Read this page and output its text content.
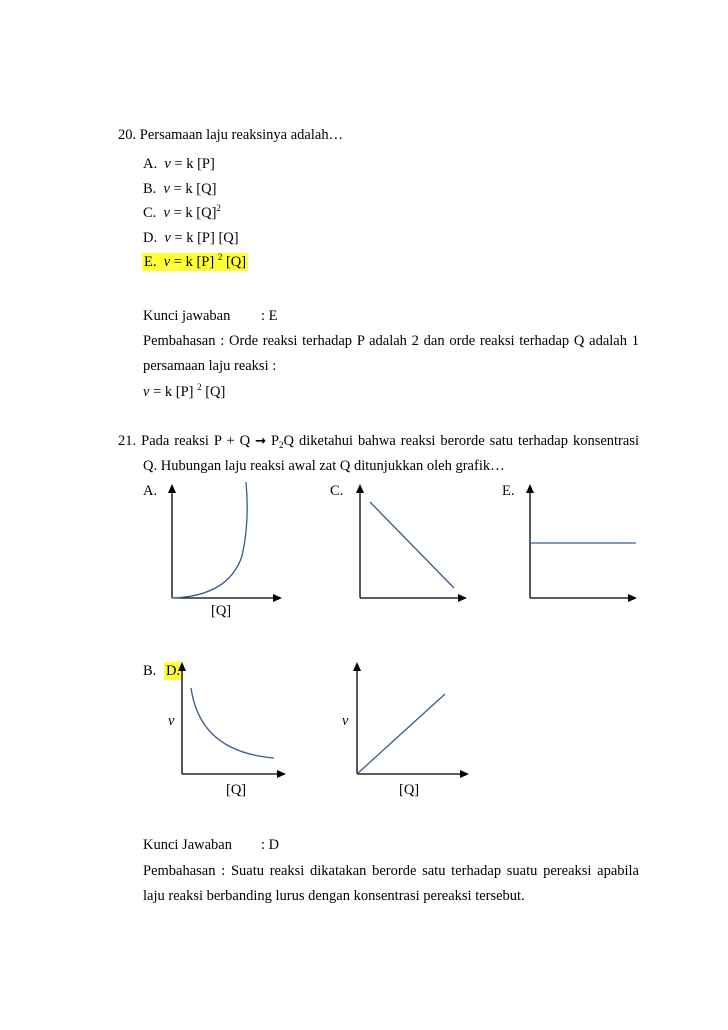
20. Persamaan laju reaksinya adalah…
A. v = k [P]
B. v = k [Q]
C. v = k $[Q]^2$
D. v = k [P] [Q]
E. v = k [P] $^2$ [Q]
Kunci jawaban : E
Pembahasan : Orde reaksi terhadap P adalah 2 dan orde reaksi terhadap Q adalah 1
persamaan laju reaksi :
v = k [P] $^2$ [Q]
21. Pada reaksi $P + Q \to P_2Q$ diketahui bahwa reaksi berorde satu terhadap konsentrasi
Q. Hubungan laju reaksi awal zat Q ditunjukkan oleh grafik…
A.	C.	E.
B. D.
[Q]
v
[Q]
v
[Q]
Kunci Jawaban : D
Pembahasan : Suatu reaksi dikatakan berorde satu terhadap suatu pereaksi apabila
laju reaksi berbanding lurus dengan konsentrasi pereaksi tersebut.
